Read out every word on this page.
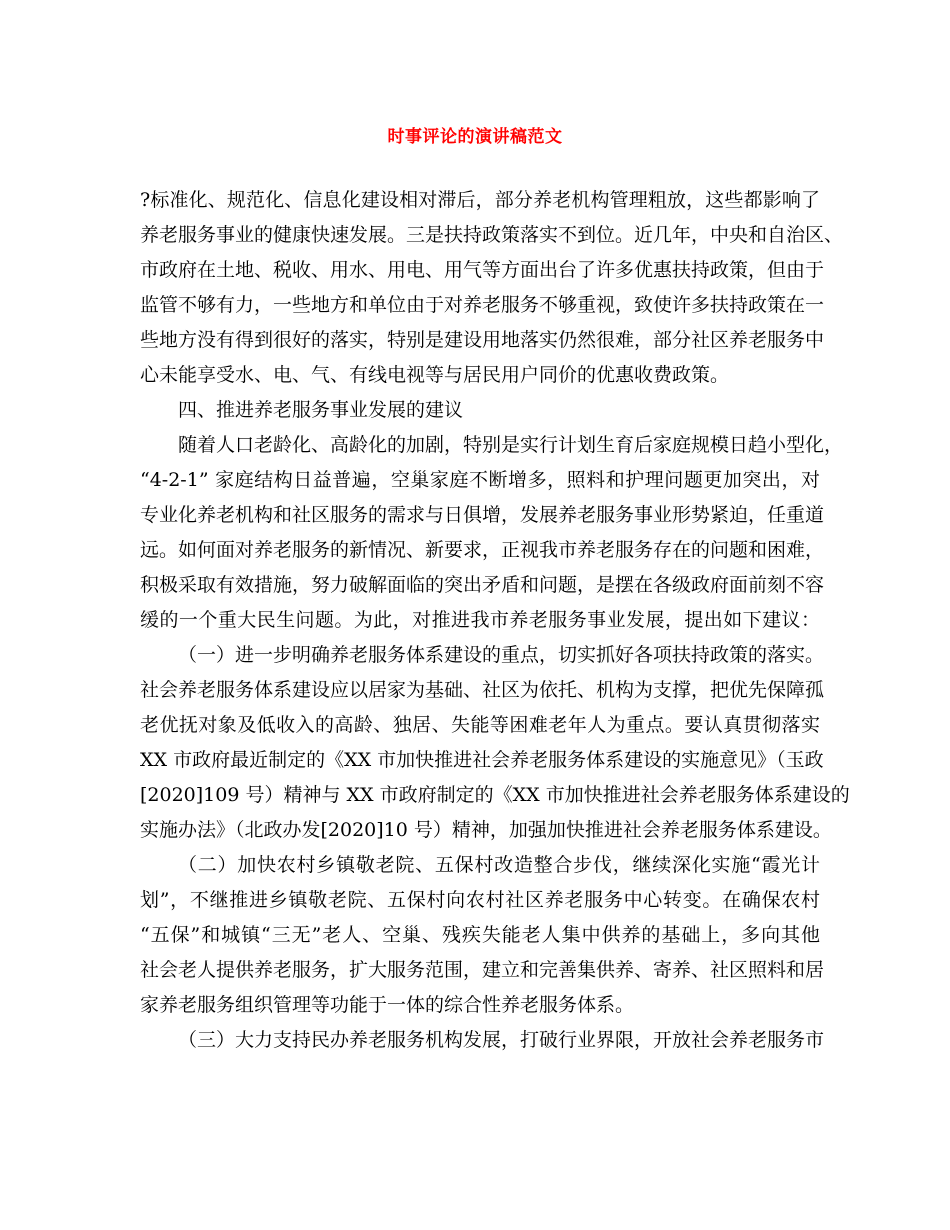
时事评论的演讲稿范文
?标准化、规范化、信息化建设相对滞后，部分养老机构管理粗放，这些都影响了
养老服务事业的健康快速发展。三是扶持政策落实不到位。近几年，中央和自治区、
市政府在土地、税收、用水、用电、用气等方面出台了许多优惠扶持政策，但由于
监管不够有力，一些地方和单位由于对养老服务不够重视，致使许多扶持政策在一
些地方没有得到很好的落实，特别是建设用地落实仍然很难，部分社区养老服务中
心未能享受水、电、气、有线电视等与居民用户同价的优惠收费政策。
四、推进养老服务事业发展的建议
随着人口老龄化、高龄化的加剧，特别是实行计划生育后家庭规模日趋小型化，
“4-2-1” 家庭结构日益普遍，空巢家庭不断增多，照料和护理问题更加突出，对
专业化养老机构和社区服务的需求与日俱增，发展养老服务事业形势紧迫，任重道
远。如何面对养老服务的新情况、新要求，正视我市养老服务存在的问题和困难，
积极采取有效措施，努力破解面临的突出矛盾和问题，是摆在各级政府面前刻不容
缓的一个重大民生问题。为此，对推进我市养老服务事业发展，提出如下建议：
（一）进一步明确养老服务体系建设的重点，切实抓好各项扶持政策的落实。
社会养老服务体系建设应以居家为基础、社区为依托、机构为支撑，把优先保障孤
老优抚对象及低收入的高龄、独居、失能等困难老年人为重点。要认真贯彻落实
XX 市政府最近制定的《XX 市加快推进社会养老服务体系建设的实施意见》（玉政
[2020]109 号）精神与 XX 市政府制定的《XX 市加快推进社会养老服务体系建设的
实施办法》（北政办发[2020]10 号）精神，加强加快推进社会养老服务体系建设。
（二）加快农村乡镇敬老院、五保村改造整合步伐，继续深化实施“霞光计
划”，不继推进乡镇敬老院、五保村向农村社区养老服务中心转变。在确保农村
“五保”和城镇“三无”老人、空巢、残疾失能老人集中供养的基础上，多向其他
社会老人提供养老服务，扩大服务范围，建立和完善集供养、寄养、社区照料和居
家养老服务组织管理等功能于一体的综合性养老服务体系。
（三）大力支持民办养老服务机构发展，打破行业界限，开放社会养老服务市
